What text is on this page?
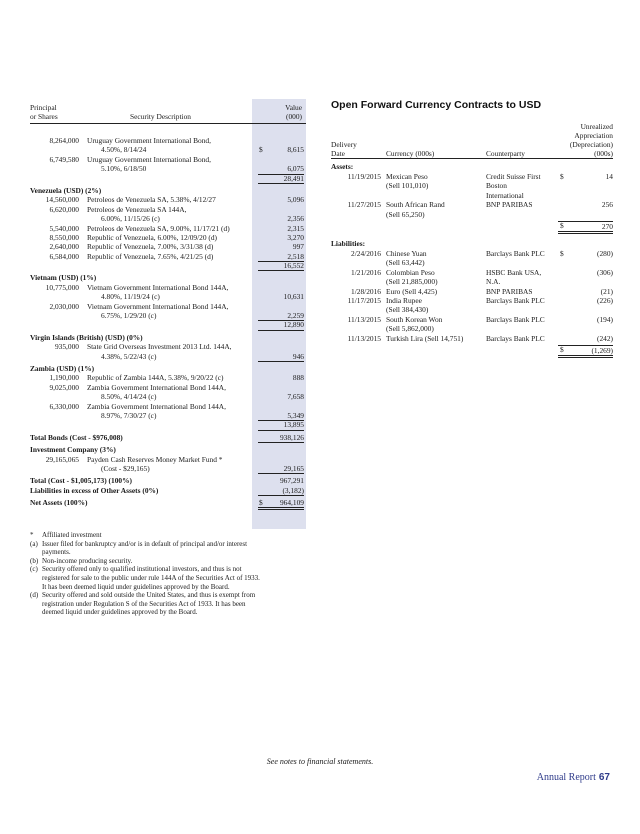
Principal
or Shares	Security Description
Value
(000)
8,264,000 Uruguay Government International Bond,
4.50%, 8/14/24	$	8,615
6,749,580 Uruguay Government International Bond,
5.10%, 6/18/50	6,075
28,491
Venezuela (USD) (2%)
14,560,000 Petroleos de Venezuela SA, 5.38%, 4/12/27	5,096
6,620,000 Petroleos de Venezuela SA 144A,
6.00%, 11/15/26 (c)	2,356
5,540,000 Petroleos de Venezuela SA, 9.00%, 11/17/21 (d)	2,315
8,550,000 Republic of Venezuela, 6.00%, 12/09/20 (d)	3,270
2,640,000 Republic of Venezuela, 7.00%, 3/31/38 (d)	997
6,584,000 Republic of Venezuela, 7.65%, 4/21/25 (d)	2,518
16,552
Vietnam (USD) (1%)
10,775,000 Vietnam Government International Bond 144A,
4.80%, 11/19/24 (c)	10,631
2,030,000 Vietnam Government International Bond 144A,
6.75%, 1/29/20 (c)	2,259
12,890
Virgin Islands (British) (USD) (0%)
935,000 State Grid Overseas Investment 2013 Ltd. 144A,
4.38%, 5/22/43 (c)	946
Zambia (USD) (1%)
1,190,000 Republic of Zambia 144A, 5.38%, 9/20/22 (c)	888
9,025,000 Zambia Government International Bond 144A,
8.50%, 4/14/24 (c)	7,658
6,330,000 Zambia Government International Bond 144A,
8.97%, 7/30/27 (c)	5,349
13,895
Total Bonds (Cost - $976,008)	938,126
Investment Company (3%)
29,165,065 Payden Cash Reserves Money Market Fund *
(Cost - $29,165)	29,165
Total (Cost - $1,005,173) (100%)	967,291
Liabilities in excess of Other Assets (0%)	(3,182)
Net Assets (100%)	$	964,109
* Affiliated investment
(a) Issuer filed for bankruptcy and/or is in default of principal and/or interest
payments.
(b) Non-income producing security.
(c) Security offered only to qualified institutional investors, and thus is not
registered for sale to the public under rule 144A of the Securities Act of 1933.
It has been deemed liquid under guidelines approved by the Board.
(d) Security offered and sold outside the United States, and thus is exempt from
registration under Regulation S of the Securities Act of 1933. It has been
deemed liquid under guidelines approved by the Board.
Open Forward Currency Contracts to USD
Delivery
Date	Currency (000s)	Counterparty
Unrealized
Appreciation
(Depreciation)
(000s)
Assets:
11/19/2015 Mexican Peso
(Sell 101,010)
Credit Suisse First
Boston
International
$	14
11/27/2015 South African Rand
(Sell 65,250)
BNP PARIBAS	256
$	270
Liabilities:
2/24/2016 Chinese Yuan
(Sell 63,442)
Barclays Bank PLC $	(280)
1/21/2016 Colombian Peso
(Sell 21,885,000)
HSBC Bank USA,
N.A.
(306)
1/28/2016 Euro (Sell 4,425)	BNP PARIBAS	(21)
11/17/2015 India Rupee
(Sell 384,430)
Barclays Bank PLC	(226)
11/13/2015 South Korean Won
(Sell 5,862,000)
Barclays Bank PLC	(194)
11/13/2015 Turkish Lira (Sell 14,751)	Barclays Bank PLC	(242)
$	(1,269)
See notes to financial statements.
Annual Report 67
